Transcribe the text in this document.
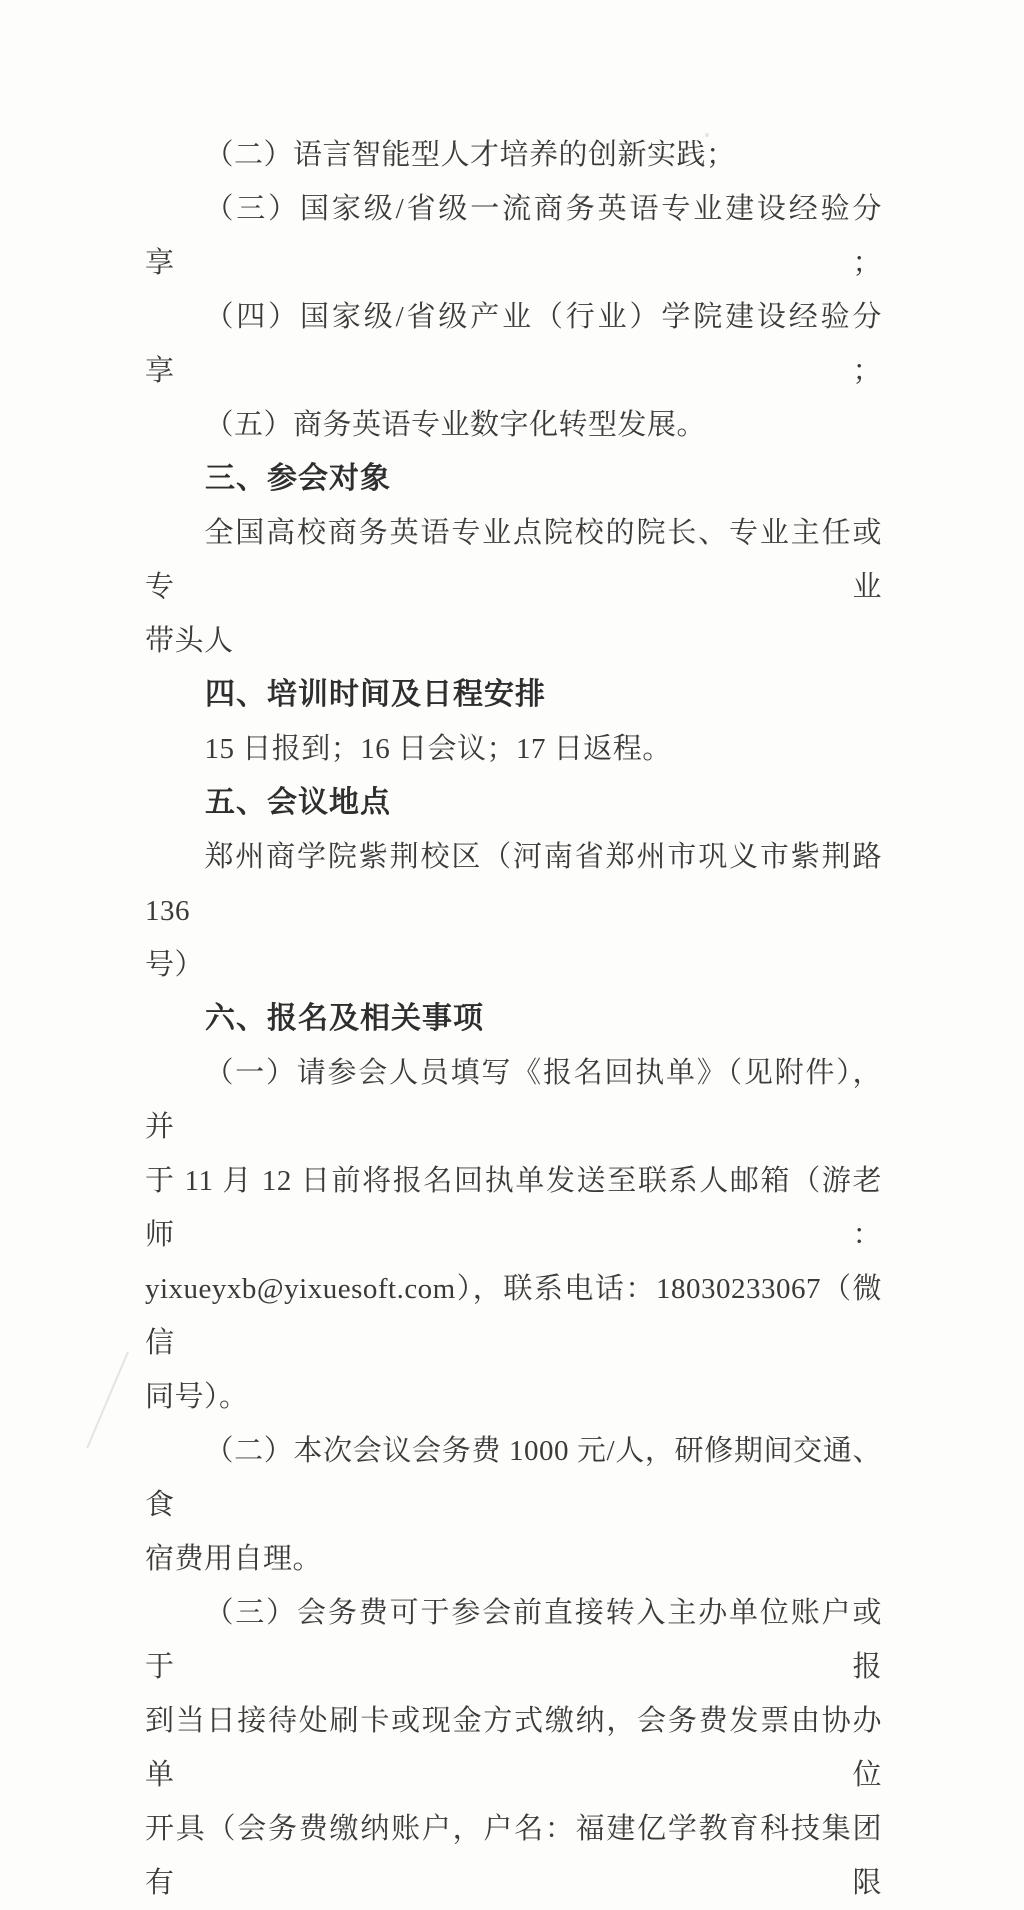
（二）语言智能型人才培养的创新实践；
（三）国家级/省级一流商务英语专业建设经验分享；
（四）国家级/省级产业（行业）学院建设经验分享；
（五）商务英语专业数字化转型发展。
三、参会对象
全国高校商务英语专业点院校的院长、专业主任或专业
带头人
四、培训时间及日程安排
15 日报到；16 日会议；17 日返程。
五、会议地点
郑州商学院紫荆校区（河南省郑州市巩义市紫荆路 136
号）
六、报名及相关事项
（一）请参会人员填写《报名回执单》（见附件），并
于 11 月 12 日前将报名回执单发送至联系人邮箱（游老师：
yixueyxb@yixuesoft.com），联系电话：18030233067（微信
同号）。
（二）本次会议会务费 1000 元/人，研修期间交通、食
宿费用自理。
（三）会务费可于参会前直接转入主办单位账户或于报
到当日接待处刷卡或现金方式缴纳，会务费发票由协办单位
开具（会务费缴纳账户，户名：福建亿学教育科技集团有限
